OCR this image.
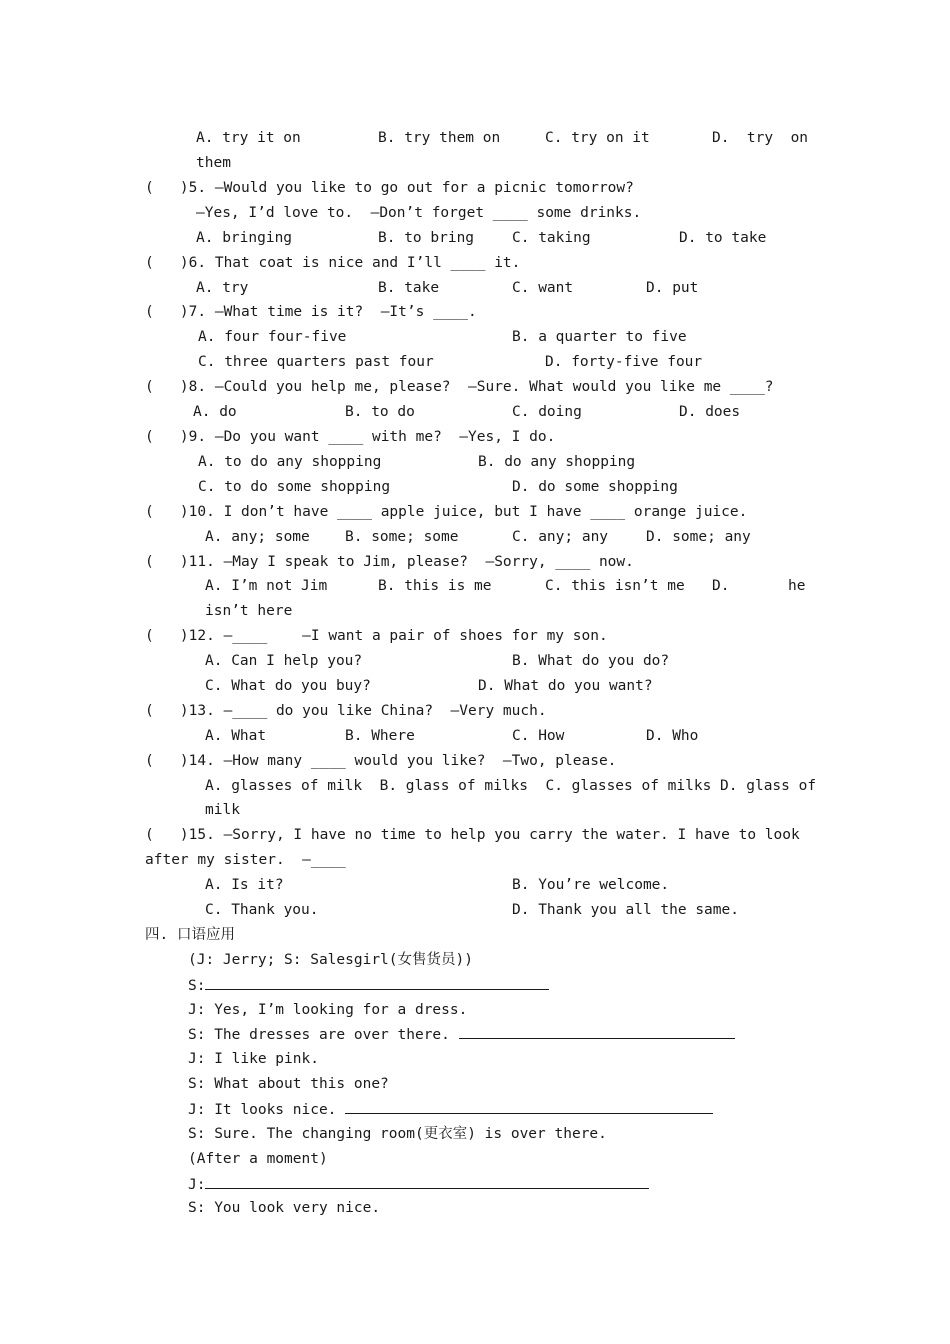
A. try it on	B. try them on	C. try on it	D.  try  on
them
(   )5. —Would you like to go out for a picnic tomorrow?
—Yes, I’d love to.  —Don’t forget ____ some drinks.
A. bringing	B. to bring	C. taking	D. to take
(   )6. That coat is nice and I’ll ____ it.
A. try	B. take	C. want	D. put
(   )7. —What time is it?  —It’s ____.
A. four four-five	B. a quarter to five
C. three quarters past four	D. forty-five four
(   )8. —Could you help me, please?  —Sure. What would you like me ____?
A. do	B. to do	C. doing	D. does
(   )9. —Do you want ____ with me?  —Yes, I do.
A. to do any shopping	B. do any shopping
C. to do some shopping	D. do some shopping
(   )10. I don’t have ____ apple juice, but I have ____ orange juice.
A. any; some B. some; some	C. any; any	D. some; any
(   )11. —May I speak to Jim, please?  —Sorry, ____ now.
A. I’m not Jim	B. this is me	C. this isn’t me D.	he
isn’t here
(   )12. —____    —I want a pair of shoes for my son.
A. Can I help you?	B. What do you do?
C. What do you buy?	D. What do you want?
(   )13. —____ do you like China?  —Very much.
A. What	B. Where	C. How	D. Who
(   )14. —How many ____ would you like?  —Two, please.
A. glasses of milk  B. glass of milks  C. glasses of milks D. glass of
milk
(   )15. —Sorry, I have no time to help you carry the water. I have to look
after my sister.  —____
A. Is it?	B. You’re welcome.
C. Thank you.	D. Thank you all the same.
四. 口语应用
(J: Jerry; S: Salesgirl(女售货员))
S:
J: Yes, I’m looking for a dress.
S: The dresses are over there.
J: I like pink.
S: What about this one?
J: It looks nice.
S: Sure. The changing room(更衣室) is over there.
(After a moment)
J:
S: You look very nice.
